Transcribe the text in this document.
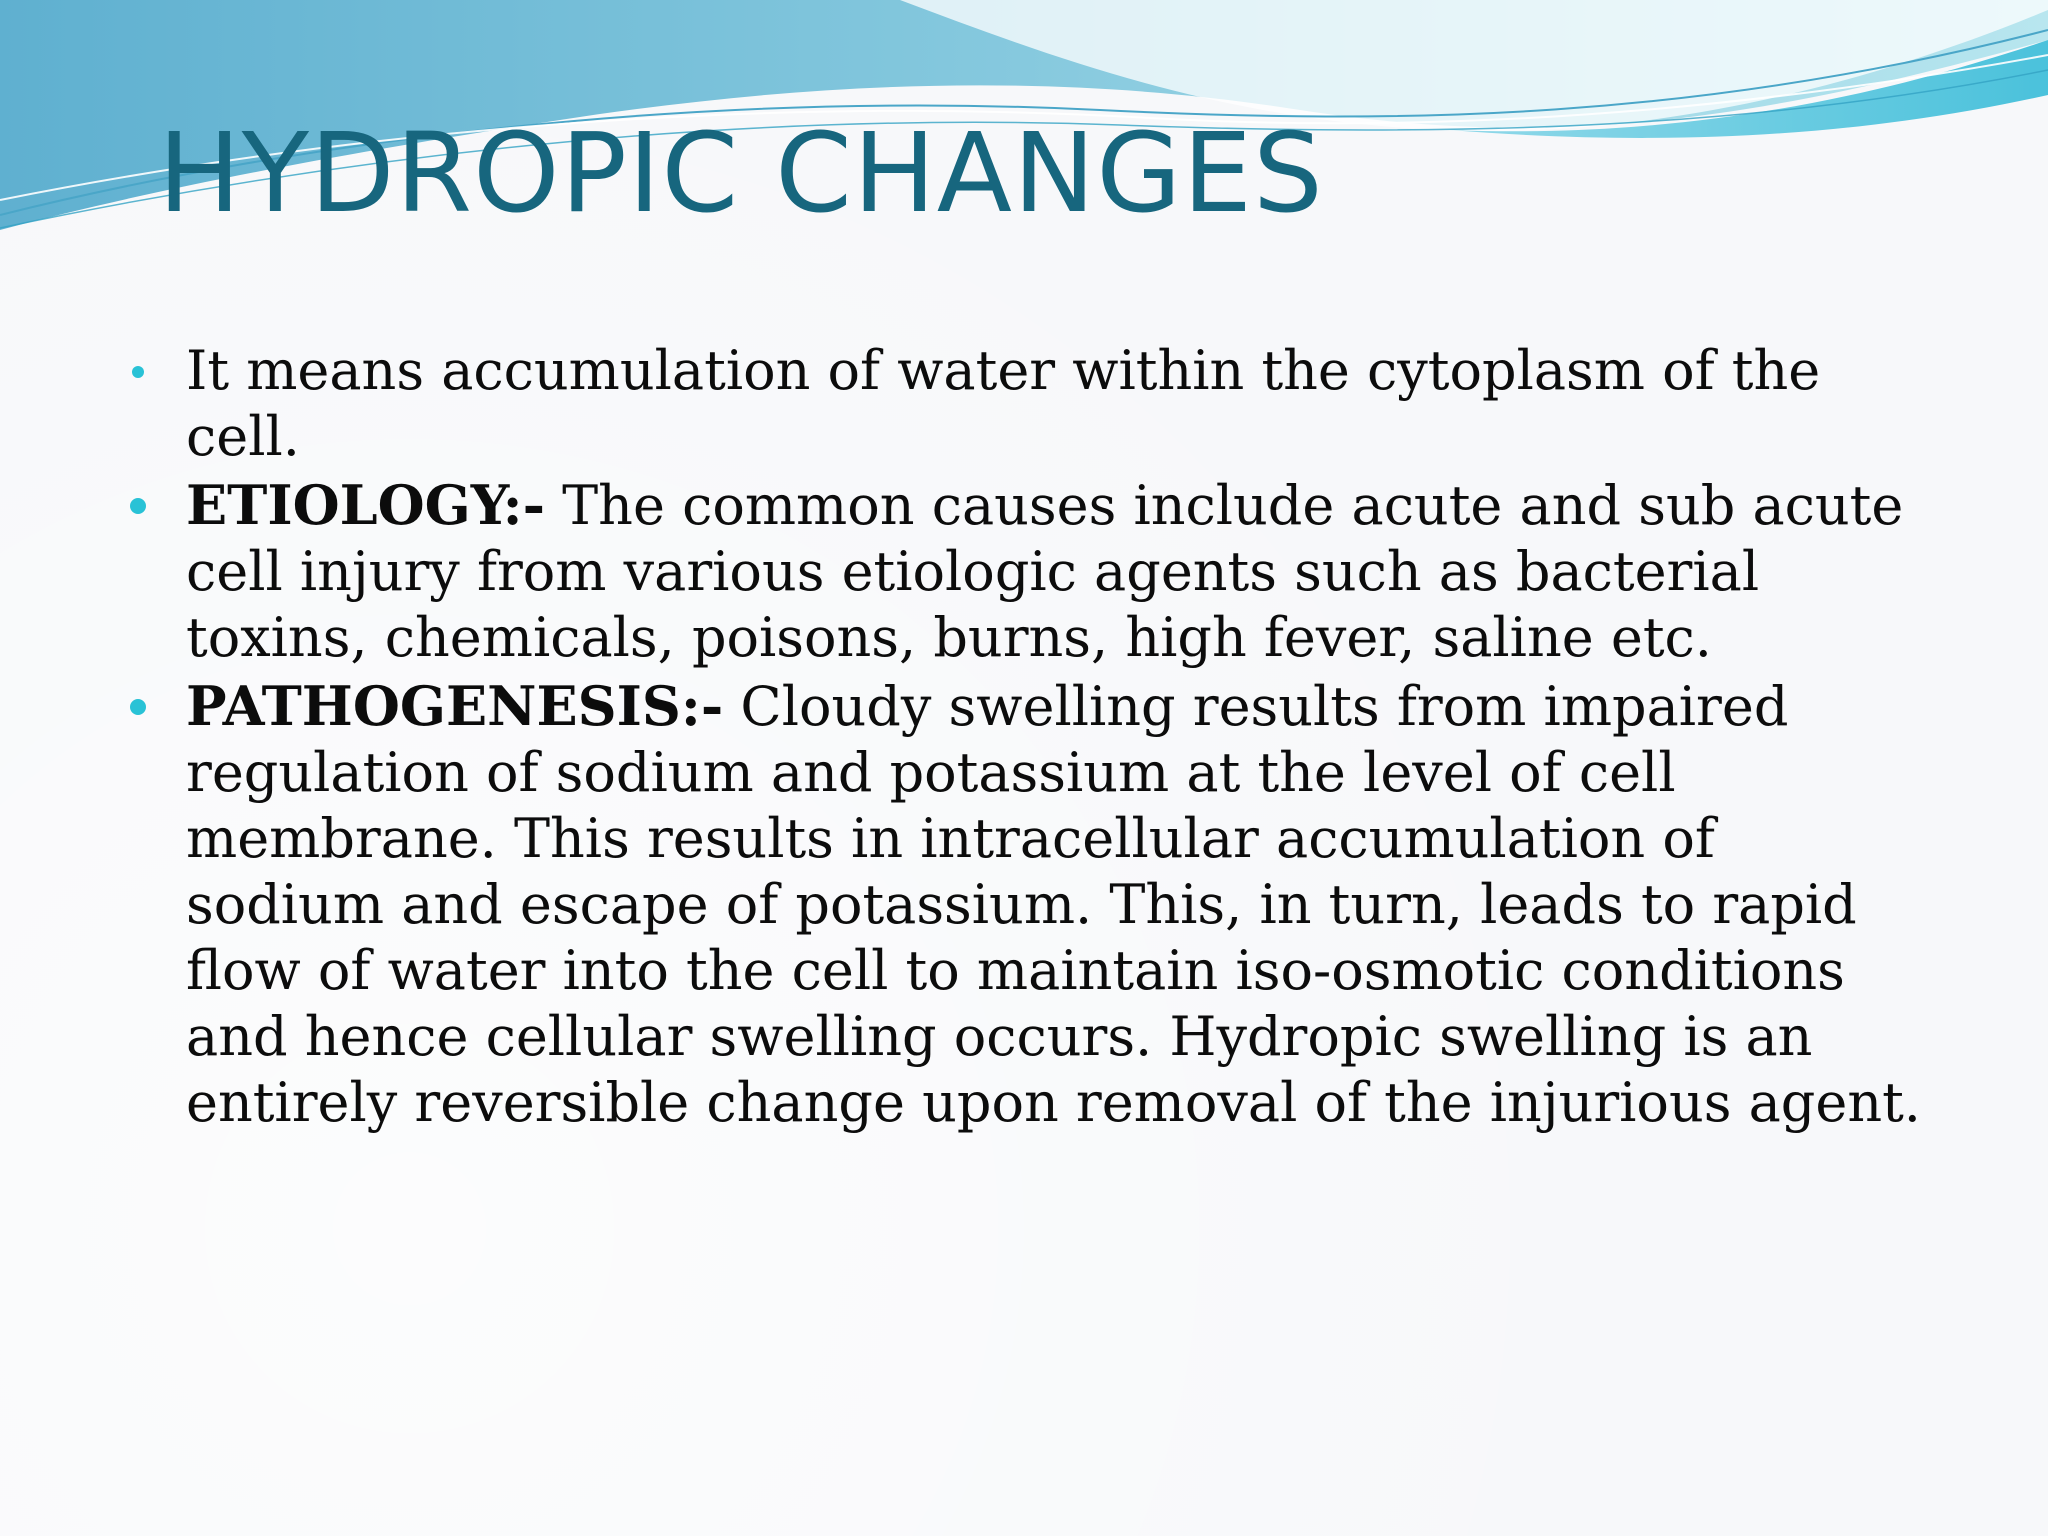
HYDROPIC CHANGES
It means accumulation of water within the cytoplasm of the cell.
ETIOLOGY:- The common causes include acute and sub acute cell injury from various etiologic agents such as bacterial toxins, chemicals, poisons, burns, high fever, saline etc.
PATHOGENESIS:- Cloudy swelling results from impaired regulation of sodium and potassium at the level of cell membrane. This results in intracellular accumulation of sodium and escape of potassium. This, in turn, leads to rapid flow of water into the cell to maintain iso-osmotic conditions and hence cellular swelling occurs. Hydropic swelling is an entirely reversible change upon removal of the injurious agent.
